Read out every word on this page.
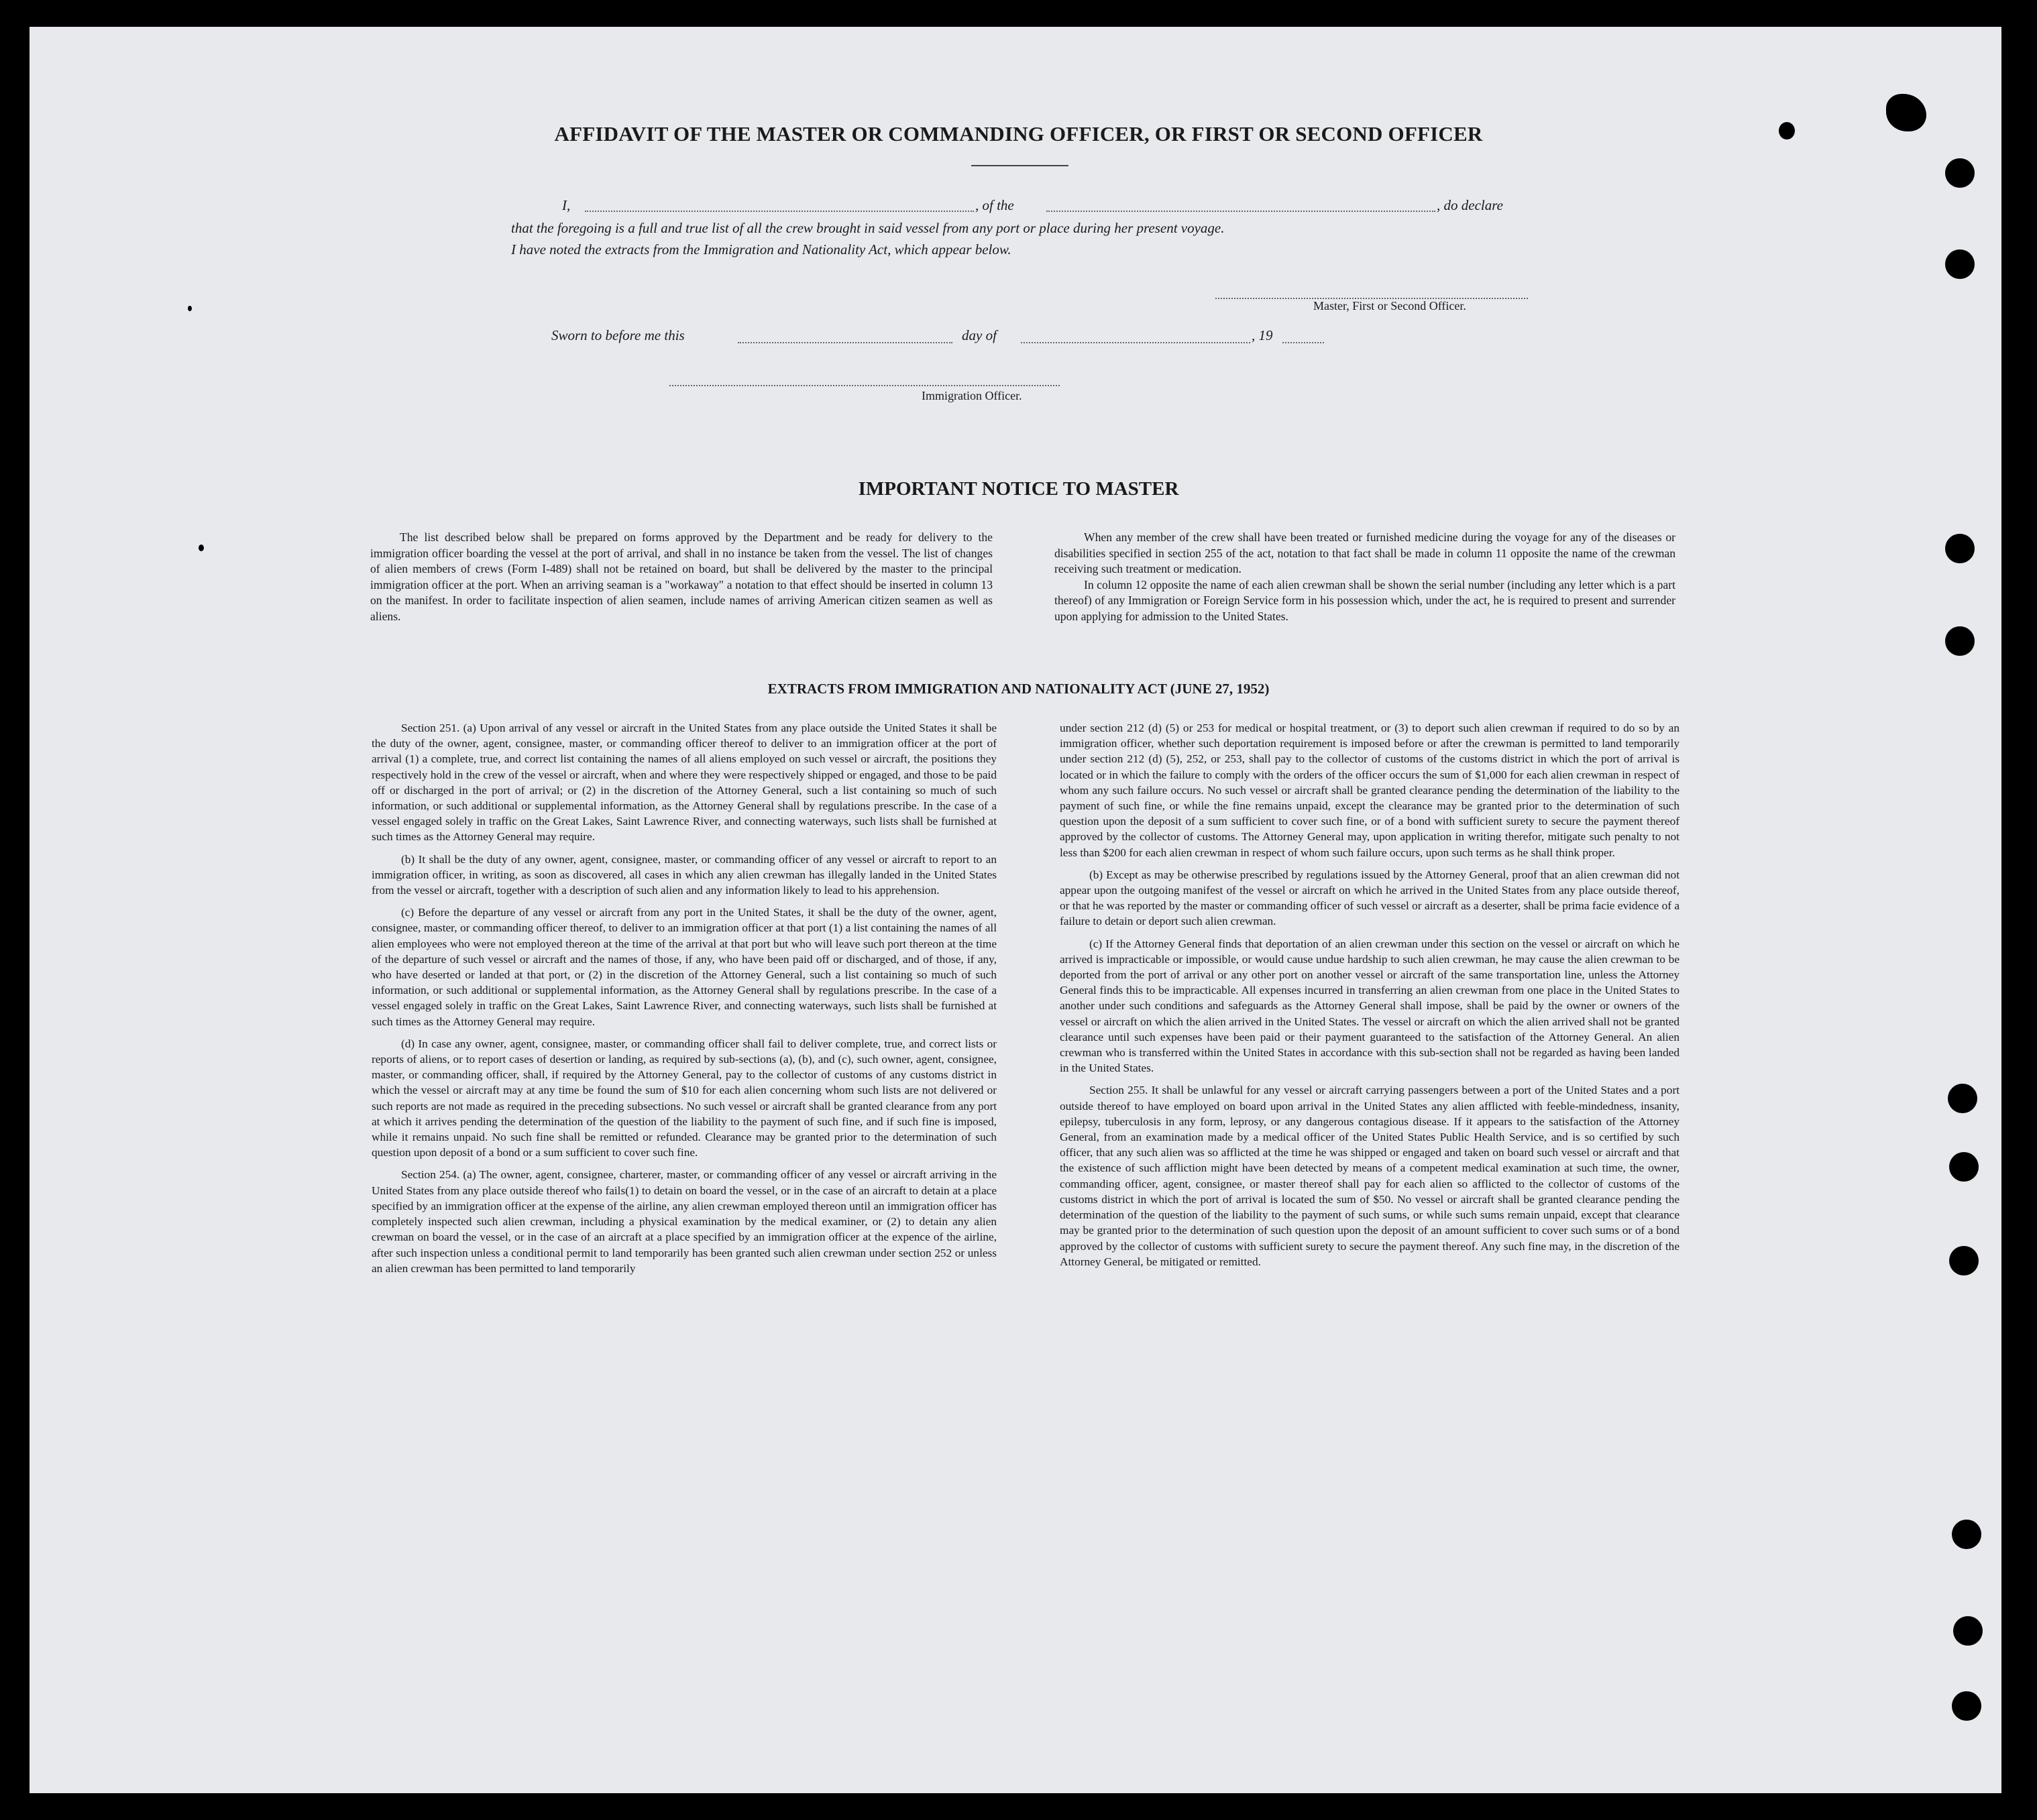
AFFIDAVIT OF THE MASTER OR COMMANDING OFFICER, OR FIRST OR SECOND OFFICER
I,	, of the	, do declare
that the foregoing is a full and true list of all the crew brought in said vessel from any port or place during her present voyage.
I have noted the extracts from the Immigration and Nationality Act, which appear below.
Master, First or Second Officer.
Sworn to before me this	day of	, 19
Immigration Officer.
IMPORTANT NOTICE TO MASTER

The list described below shall be prepared on forms approved by the Department and be ready for delivery to the immigration officer boarding the vessel at the port of arrival, and shall in no instance be taken from the vessel. The list of changes of alien members of crews (Form I-489) shall not be retained on board, but shall be delivered by the master to the principal immigration officer at the port. When an arriving seaman is a "workaway" a notation to that effect should be inserted in column 13 on the manifest. In order to facilitate inspection of alien seamen, include names of arriving American citizen seamen as well as aliens.

When any member of the crew shall have been treated or furnished medicine during the voyage for any of the diseases or disabilities specified in section 255 of the act, notation to that fact shall be made in column 11 opposite the name of the crewman receiving such treatment or medication.

In column 12 opposite the name of each alien crewman shall be shown the serial number (including any letter which is a part thereof) of any Immigration or Foreign Service form in his possession which, under the act, he is required to present and surrender upon applying for admission to the United States.

EXTRACTS FROM IMMIGRATION AND NATIONALITY ACT (JUNE 27, 1952)

Section 251. (a) Upon arrival of any vessel or aircraft in the United States from any place outside the United States it shall be the duty of the owner, agent, consignee, master, or commanding officer thereof to deliver to an immigration officer at the port of arrival (1) a complete, true, and correct list containing the names of all aliens employed on such vessel or aircraft, the positions they respectively hold in the crew of the vessel or aircraft, when and where they were respectively shipped or engaged, and those to be paid off or discharged in the port of arrival; or (2) in the discretion of the Attorney General, such a list containing so much of such information, or such additional or supplemental information, as the Attorney General shall by regulations prescribe. In the case of a vessel engaged solely in traffic on the Great Lakes, Saint Lawrence River, and connecting waterways, such lists shall be furnished at such times as the Attorney General may require.

(b) It shall be the duty of any owner, agent, consignee, master, or commanding officer of any vessel or aircraft to report to an immigration officer, in writing, as soon as discovered, all cases in which any alien crewman has illegally landed in the United States from the vessel or aircraft, together with a description of such alien and any information likely to lead to his apprehension.

(c) Before the departure of any vessel or aircraft from any port in the United States, it shall be the duty of the owner, agent, consignee, master, or commanding officer thereof, to deliver to an immigration officer at that port (1) a list containing the names of all alien employees who were not employed thereon at the time of the arrival at that port but who will leave such port thereon at the time of the departure of such vessel or aircraft and the names of those, if any, who have been paid off or discharged, and of those, if any, who have deserted or landed at that port, or (2) in the discretion of the Attorney General, such a list containing so much of such information, or such additional or supplemental information, as the Attorney General shall by regulations prescribe. In the case of a vessel engaged solely in traffic on the Great Lakes, Saint Lawrence River, and connecting waterways, such lists shall be furnished at such times as the Attorney General may require.

(d) In case any owner, agent, consignee, master, or commanding officer shall fail to deliver complete, true, and correct lists or reports of aliens, or to report cases of desertion or landing, as required by sub-sections (a), (b), and (c), such owner, agent, consignee, master, or commanding officer, shall, if required by the Attorney General, pay to the collector of customs of any customs district in which the vessel or aircraft may at any time be found the sum of $10 for each alien concerning whom such lists are not delivered or such reports are not made as required in the preceding subsections. No such vessel or aircraft shall be granted clearance from any port at which it arrives pending the determination of the question of the liability to the payment of such fine, and if such fine is imposed, while it remains unpaid. No such fine shall be remitted or refunded. Clearance may be granted prior to the determination of such question upon deposit of a bond or a sum sufficient to cover such fine.

Section 254. (a) The owner, agent, consignee, charterer, master, or commanding officer of any vessel or aircraft arriving in the United States from any place outside thereof who fails(1) to detain on board the vessel, or in the case of an aircraft to detain at a place specified by an immigration officer at the expense of the airline, any alien crewman employed thereon until an immigration officer has completely inspected such alien crewman, including a physical examination by the medical examiner, or (2) to detain any alien crewman on board the vessel, or in the case of an aircraft at a place specified by an immigration officer at the expence of the airline, after such inspection unless a conditional permit to land temporarily has been granted such alien crewman under section 252 or unless an alien crewman has been permitted to land temporarily

under section 212 (d) (5) or 253 for medical or hospital treatment, or (3) to deport such alien crewman if required to do so by an immigration officer, whether such deportation requirement is imposed before or after the crewman is permitted to land temporarily under section 212 (d) (5), 252, or 253, shall pay to the collector of customs of the customs district in which the port of arrival is located or in which the failure to comply with the orders of the officer occurs the sum of $1,000 for each alien crewman in respect of whom any such failure occurs. No such vessel or aircraft shall be granted clearance pending the determination of the liability to the payment of such fine, or while the fine remains unpaid, except the clearance may be granted prior to the determination of such question upon the deposit of a sum sufficient to cover such fine, or of a bond with sufficient surety to secure the payment thereof approved by the collector of customs. The Attorney General may, upon application in writing therefor, mitigate such penalty to not less than $200 for each alien crewman in respect of whom such failure occurs, upon such terms as he shall think proper.

(b) Except as may be otherwise prescribed by regulations issued by the Attorney General, proof that an alien crewman did not appear upon the outgoing manifest of the vessel or aircraft on which he arrived in the United States from any place outside thereof, or that he was reported by the master or commanding officer of such vessel or aircraft as a deserter, shall be prima facie evidence of a failure to detain or deport such alien crewman.

(c) If the Attorney General finds that deportation of an alien crewman under this section on the vessel or aircraft on which he arrived is impracticable or impossible, or would cause undue hardship to such alien crewman, he may cause the alien crewman to be deported from the port of arrival or any other port on another vessel or aircraft of the same transportation line, unless the Attorney General finds this to be impracticable. All expenses incurred in transferring an alien crewman from one place in the United States to another under such conditions and safeguards as the Attorney General shall impose, shall be paid by the owner or owners of the vessel or aircraft on which the alien arrived in the United States. The vessel or aircraft on which the alien arrived shall not be granted clearance until such expenses have been paid or their payment guaranteed to the satisfaction of the Attorney General. An alien crewman who is transferred within the United States in accordance with this sub-section shall not be regarded as having been landed in the United States.

Section 255. It shall be unlawful for any vessel or aircraft carrying passengers between a port of the United States and a port outside thereof to have employed on board upon arrival in the United States any alien afflicted with feeble-mindedness, insanity, epilepsy, tuberculosis in any form, leprosy, or any dangerous contagious disease. If it appears to the satisfaction of the Attorney General, from an examination made by a medical officer of the United States Public Health Service, and is so certified by such officer, that any such alien was so afflicted at the time he was shipped or engaged and taken on board such vessel or aircraft and that the existence of such affliction might have been detected by means of a competent medical examination at such time, the owner, commanding officer, agent, consignee, or master thereof shall pay for each alien so afflicted to the collector of customs of the customs district in which the port of arrival is located the sum of $50. No vessel or aircraft shall be granted clearance pending the determination of the question of the liability to the payment of such sums, or while such sums remain unpaid, except that clearance may be granted prior to the determination of such question upon the deposit of an amount sufficient to cover such sums or of a bond approved by the collector of customs with sufficient surety to secure the payment thereof. Any such fine may, in the discretion of the Attorney General, be mitigated or remitted.
